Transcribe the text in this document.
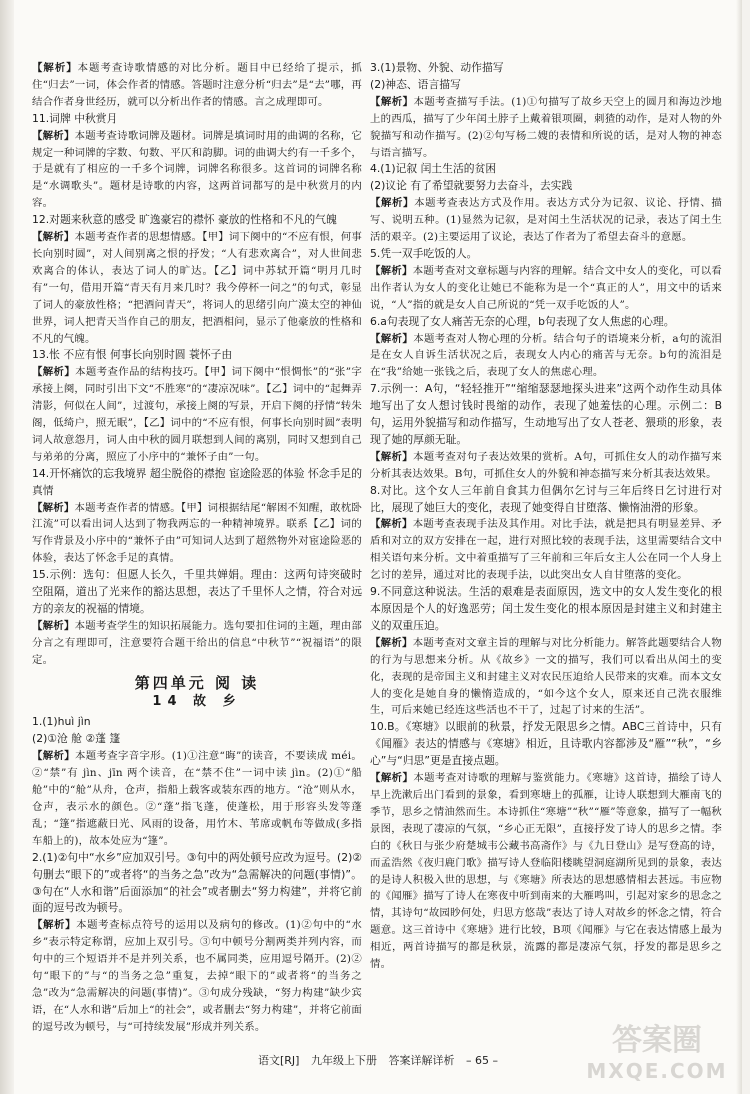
【解析】本题考查诗歌情感的对比分析。题目中已经给了提示，抓住“归去”一词，体会作者的情感。答题时注意分析“归去”是“去”哪，再结合作者身世经历，就可以分析出作者的情感。言之成理即可。

11.词牌 中秋赏月

【解析】本题考查诗歌词牌及题材。词牌是填词时用的曲调的名称，它规定一种词牌的字数、句数、平仄和韵脚。词的曲调大约有一千多个，于是就有了相应的一千多个词牌，词牌名称很多。这首词的词牌名称是“水调歌头”。题材是诗歌的内容，这两首词都写的是中秋赏月的内容。

12.对题来秋意的感受 旷逸豪宕的襟怀 豪放的性格和不凡的气魄

【解析】本题考查作者的思想情感。【甲】词下阕中的“不应有恨，何事长向别时圆”，对人间别离之恨的抒发；“人有悲欢离合”，对人世间悲欢离合的体认，表达了词人的旷达。【乙】词中苏轼开篇“明月几时有”一句，借用开篇“青天有月来几时？我今停杯一问之”的句式，彰显了词人的豪放性格；“把酒问青天”，将词人的思绪引向广漠太空的神仙世界，词人把青天当作自己的朋友，把酒相问，显示了他豪放的性格和不凡的气魄。

13.怅 不应有恨 何事长向别时圆 蓑怀子由

【解析】本题考查作品的结构技巧。【甲】词下阕中“恨惆怅”的“张”字承接上阕，同时引出下文“不胜寒”的“凄凉况味”。【乙】词中的“起舞弄清影，何似在人间”，过渡句，承接上阕的写景，开启下阕的抒情“转朱阁，低绮户，照无眠”，【乙】词中的“不应有恨，何事长向别时圆”表明词人故意怨月，词人由中秋的圆月联想到人间的离别，同时又想到自己与弟弟的分离，照应了小序中的“兼怀子由”一句。

14.开怀痛饮的忘我境界 超尘脱俗的襟抱 宦途险恶的体验 怀念手足的真情

【解析】本题考查作者的情感。【甲】词根据结尾“解困不知醒，敢枕卧江流”可以看出词人达到了物我两忘的一种精神境界。联系【乙】词的写作背景及小序中的“兼怀子由”可知词人达到了超然物外对宦途险恶的体验，表达了怀念手足的真情。

15.示例：选句：但愿人长久，千里共婵娟。理由：这两句诗突破时空阻隔，道出了光来作的豁达思想，表达了千里怀人之情，符合对远方的亲友的祝福的情境。

【解析】本题考查学生的知识拓展能力。选句要扣住词的主题，理由部分言之有理即可，注意要符合题干给出的信息“中秋节”“祝福语”的限定。

第四单元 阅 读
14 故 乡

1.(1)huì jìn

(2)①沧 舱 ②蓬 篷

【解析】本题考查字音字形。(1)①注意“晦”的读音，不要读成 méi。②“禁”有 jìn、jīn 两个读音，在“禁不住”一词中读 jìn。(2)①“船舱”中的“舱”从舟，仓声，指船上载客或装东西的地方。“沧”则从水，仓声，表示水的颜色。②“蓬”指飞蓬，使蓬松，用于形容头发等蓬乱；“篷”指遮蔽日光、风雨的设备，用竹木、苇席或帆布等做成(多指车船上的)，故本处应为“篷”。

2.(1)②句中“水乡”应加双引号。③句中的两处顿号应改为逗号。(2)②句删去“眼下的”或者将“的当务之急”改为“急需解决的问题(事情)”。③句在“人水和谐”后面添加“的社会”或者删去“努力构建”，并将它前面的逗号改为顿号。

【解析】本题考查标点符号的运用以及病句的修改。(1)②句中的“水乡”表示特定称谓，应加上双引号。③句中顿号分割两类并列内容，而句中的三个短语并不是并列关系，也不属同类，应用逗号隔开。(2)②句“眼下的”与“的当务之急”重复，去掉“眼下的”或者将“的当务之急”改为“急需解决的问题(事情)”。③句成分残缺，“努力构建”缺少宾语，在“人水和谐”后加上“的社会”，或者删去“努力构建”，并将它前面的逗号改为顿号，与“可持续发展”形成并列关系。

3.(1)景物、外貌、动作描写

(2)神态、语言描写

【解析】本题考查描写手法。(1)①句描写了故乡天空上的圆月和海边沙地上的西瓜，描写了少年闰土脖子上戴着银项圈，刺猹的动作，是对人物的外貌描写和动作描写。(2)②句写杨二嫂的表情和所说的话，是对人物的神态与语言描写。

4.(1)记叙 闰土生活的贫困

(2)议论 有了希望就要努力去奋斗，去实践

【解析】本题考查表达方式及作用。表达方式分为记叙、议论、抒情、描写、说明五种。(1)显然为记叙，是对闰土生活状况的记录，表达了闰土生活的艰辛。(2)主要运用了议论，表达了作者为了希望去奋斗的意愿。

5.凭一双手吃饭的人。

【解析】本题考查对文章标题与内容的理解。结合文中女人的变化，可以看出作者认为女人的变化让她已不能称为是一个“真正的人”，用文中的话来说，“人”指的就是女人自己所说的“凭一双手吃饭的人”。

6.a句表现了女人痛苦无奈的心理，b句表现了女人焦虑的心理。

【解析】本题考查对人物心理的分析。结合句子的语境来分析，a句的流泪是在女人自诉生活状况之后，表现女人内心的痛苦与无奈。b句的流泪是在“我”给她一张钱之后，表现了女人的焦虑心理。

7.示例一：A句，“轻轻推开”“缩缩瑟瑟地探头进来”这两个动作生动具体地写出了女人想讨钱时畏缩的动作，表现了她羞怯的心理。示例二：B句，运用外貌描写和动作描写，生动地写出了女人苍老、猥琐的形象，表现了她的厚颜无耻。

【解析】本题考查对句子表达效果的赏析。A句，可抓住女人的动作描写来分析其表达效果。B句，可抓住女人的外貌和神态描写来分析其表达效果。

8.对比。这个女人三年前自食其力但偶尔乞讨与三年后终日乞讨进行对比，展现了她巨大的变化，表现了她变得自甘堕落、懒惰油滑的形象。

【解析】本题考查表现手法及其作用。对比手法，就是把具有明显差异、矛盾和对立的双方安排在一起，进行对照比较的表现手法，这里需要结合文中相关语句来分析。文中着重描写了三年前和三年后女主人公在同一个人身上乞讨的差异，通过对比的表现手法，以此突出女人自甘堕落的变化。

9.不同意这种说法。生活的艰难是表面原因，选文中的女人发生变化的根本原因是个人的好逸恶劳；闰土发生变化的根本原因是封建主义和封建主义的双重压迫。

【解析】本题考查对文章主旨的理解与对比分析能力。解答此题要结合人物的行为与思想来分析。从《故乡》一文的描写，我们可以看出从闰土的变化，表现的是帝国主义和封建主义对农民压迫给人民带来的灾难。而本文女人的变化是她自身的懒惰造成的，“如今这个女人，原来还自己洗衣服维生，可后来她已经连这些活也不干了，过起了讨来的生活”。

10.B。《寒塘》以眼前的秋景，抒发无限思乡之情。ABC三首诗中，只有《闻雁》表达的情感与《寒塘》相近，且诗歌内容都涉及“雁”“秋”，“乡心”与“归思”更是直接点题。

【解析】本题考查对诗歌的理解与鉴赏能力。《寒塘》这首诗，描绘了诗人早上洗漱后出门看到的景象，看到寒塘上的孤雁，让诗人联想到大雁南飞的季节，思乡之情油然而生。本诗抓住“寒塘”“秋”“雁”等意象，描写了一幅秋景图，表现了凄凉的气氛，“乡心正无限”，直接抒发了诗人的思乡之情。李白的《秋日与张少府楚城韦公藏书高斋作》与《九日登山》是写登高的诗，而孟浩然《夜归鹿门歌》描写诗人登临阳楼眺望洞庭湖所见到的景象，表达的是诗人积极入世的思想，与《寒塘》所表达的思想感情相去甚远。韦应物的《闻雁》描写了诗人在寒夜中听到南来的大雁鸣叫，引起对家乡的思念之情，其诗句“故园眇何处，归思方悠哉”表达了诗人对故乡的怀念之情，符合题意。这三首诗中《寒塘》进行比较，B项《闻雁》与它在表达情感上最为相近，两首诗描写的都是秋景，流露的都是凄凉气氛，抒发的都是思乡之情。

语文[RJ] 九年级上下册 答案详解详析 – 65 –
答案圈
MXQE.COM
